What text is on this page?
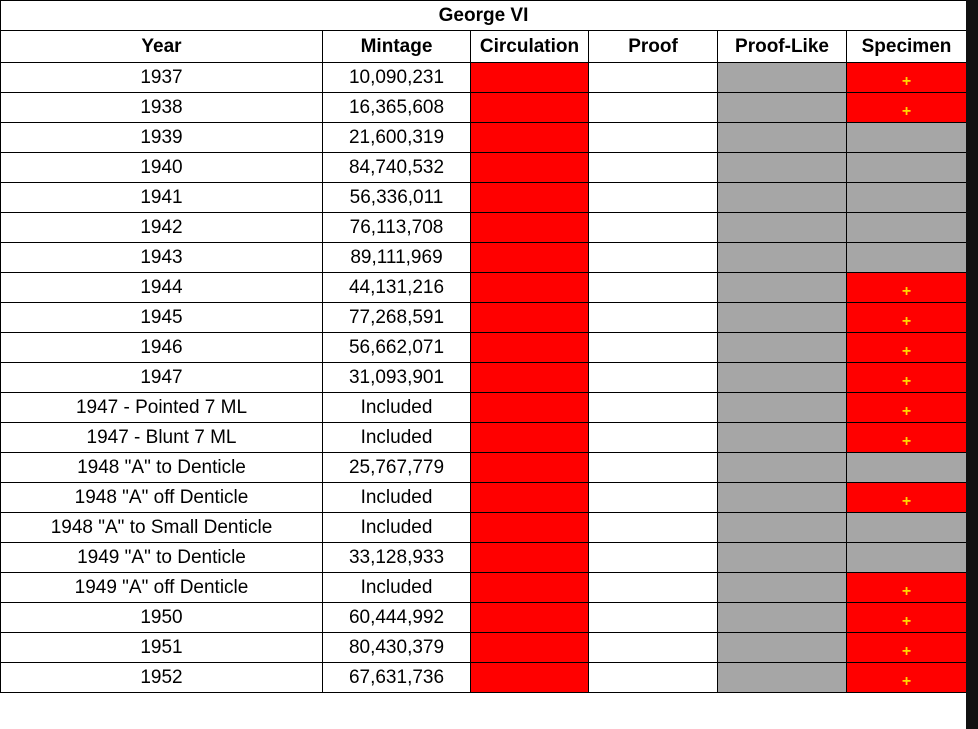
George VI					
Year	Mintage	Circulation	Proof	Proof-Like	Specimen
1937	10,090,231				+
1938	16,365,608				+
1939	21,600,319				
1940	84,740,532				
1941	56,336,011				
1942	76,113,708				
1943	89,111,969				
1944	44,131,216				+
1945	77,268,591				+
1946	56,662,071				+
1947	31,093,901				+
1947 - Pointed 7 ML	Included				+
1947 - Blunt 7 ML	Included				+
1948 "A" to Denticle	25,767,779				
1948 "A" off Denticle	Included				+
1948 "A" to Small Denticle	Included				
1949 "A" to Denticle	33,128,933				
1949 "A" off Denticle	Included				+
1950	60,444,992				+
1951	80,430,379				+
1952	67,631,736				+
